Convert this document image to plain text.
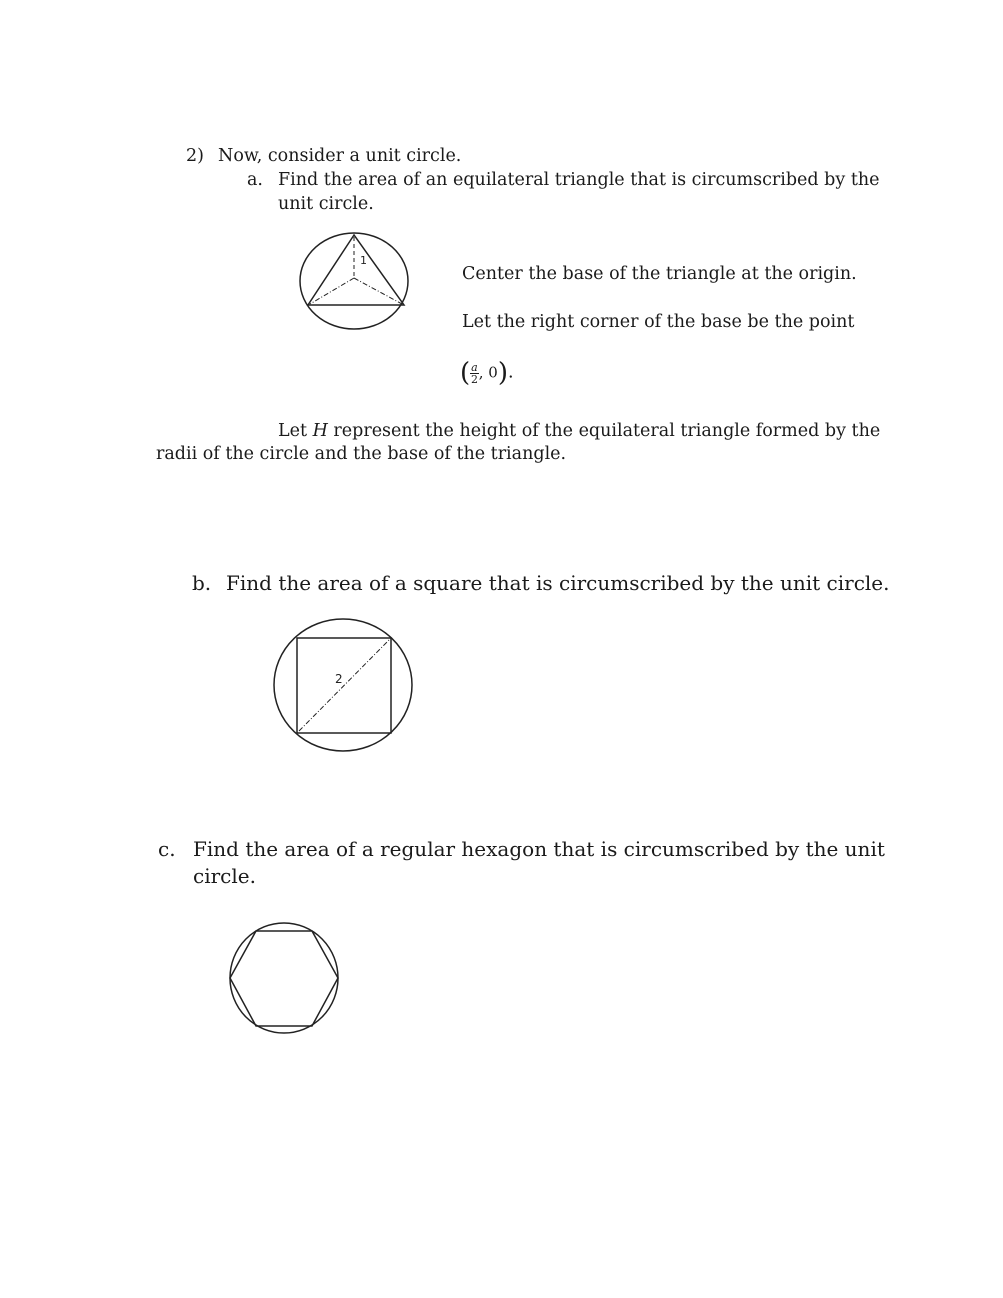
2) Now, consider a unit circle.
a. Find the area of an equilateral triangle that is circumscribed by the
unit circle.
1
Center the base of the triangle at the origin.
Let the right corner of the base be the point
( $\frac{a}{2}$ , 0).
Let H represent the height of the equilateral triangle formed by the
radii of the circle and the base of the triangle.
b. Find the area of a square that is circumscribed by the unit circle.
2
c. Find the area of a regular hexagon that is circumscribed by the unit
circle.
